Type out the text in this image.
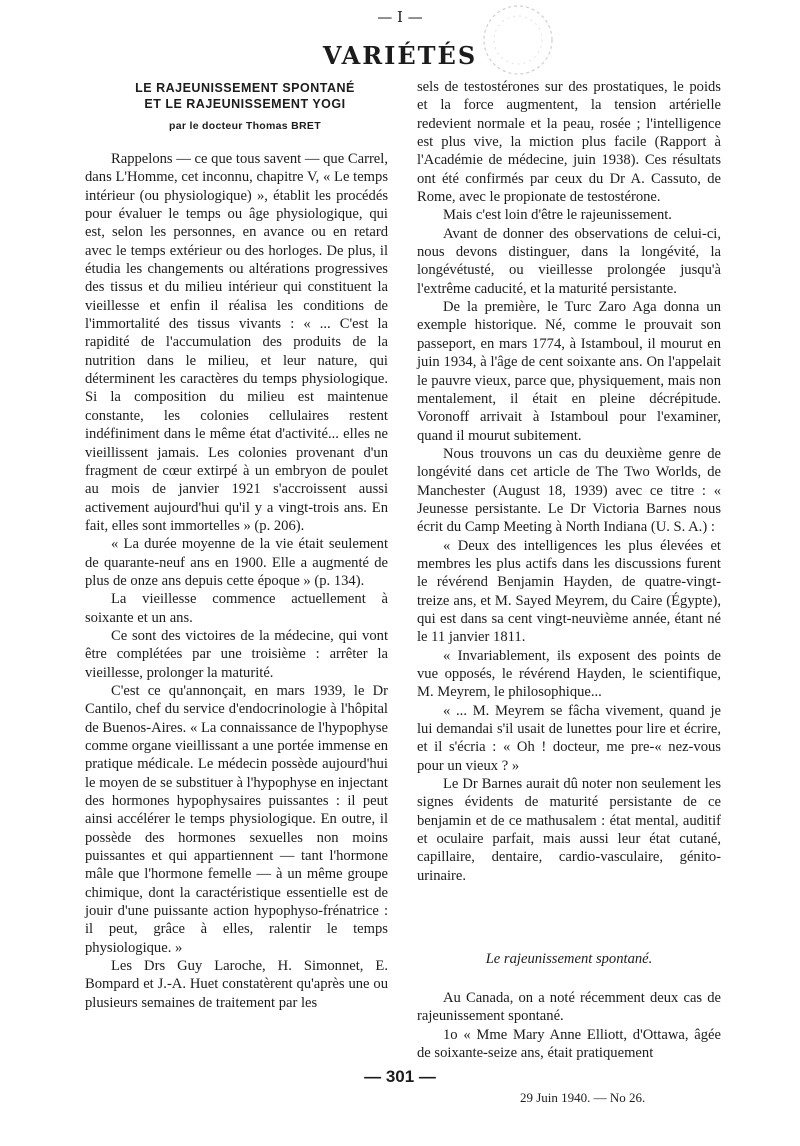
— I —
VARIÉTÉS
LE RAJEUNISSEMENT SPONTANÉ
ET LE RAJEUNISSEMENT YOGI
par le docteur Thomas BRET

Rappelons — ce que tous savent — que Carrel, dans L'Homme, cet inconnu, chapitre V, « Le temps intérieur (ou physiologique) », établit les procédés pour évaluer le temps ou âge physiologique, qui est, selon les personnes, en avance ou en retard avec le temps extérieur ou des horloges. De plus, il étudia les changements ou altérations progressives des tissus et du milieu intérieur qui constituent la vieillesse et enfin il réalisa les conditions de l'immortalité des tissus vivants : « ... C'est la rapidité de l'accumulation des produits de la nutrition dans le milieu, et leur nature, qui déterminent les caractères du temps physiologique. Si la composition du milieu est maintenue constante, les colonies cellulaires restent indéfiniment dans le même état d'activité... elles ne vieillissent jamais. Les colonies provenant d'un fragment de cœur extirpé à un embryon de poulet au mois de janvier 1921 s'accroissent aussi activement aujourd'hui qu'il y a vingt-trois ans. En fait, elles sont immortelles » (p. 206).

« La durée moyenne de la vie était seulement de quarante-neuf ans en 1900. Elle a augmenté de plus de onze ans depuis cette époque » (p. 134).

La vieillesse commence actuellement à soixante et un ans.

Ce sont des victoires de la médecine, qui vont être complétées par une troisième : arrêter la vieillesse, prolonger la maturité.

C'est ce qu'annonçait, en mars 1939, le Dr Cantilo, chef du service d'endocrinologie à l'hôpital de Buenos-Aires. « La connaissance de l'hypophyse comme organe vieillissant a une portée immense en pratique médicale. Le médecin possède aujourd'hui le moyen de se substituer à l'hypophyse en injectant des hormones hypophysaires puissantes : il peut ainsi accélérer le temps physiologique. En outre, il possède des hormones sexuelles non moins puissantes et qui appartiennent — tant l'hormone mâle que l'hormone femelle — à un même groupe chimique, dont la caractéristique essentielle est de jouir d'une puissante action hypophyso-frénatrice : il peut, grâce à elles, ralentir le temps physiologique. »

Les Drs Guy Laroche, H. Simonnet, E. Bompard et J.-A. Huet constatèrent qu'après une ou plusieurs semaines de traitement par les

sels de testostérones sur des prostatiques, le poids et la force augmentent, la tension artérielle redevient normale et la peau, rosée ; l'intelligence est plus vive, la miction plus facile (Rapport à l'Académie de médecine, juin 1938). Ces résultats ont été confirmés par ceux du Dr A. Cassuto, de Rome, avec le propionate de testostérone.

Mais c'est loin d'être le rajeunissement.

Avant de donner des observations de celui-ci, nous devons distinguer, dans la longévité, la longévétusté, ou vieillesse prolongée jusqu'à l'extrême caducité, et la maturité persistante.

De la première, le Turc Zaro Aga donna un exemple historique. Né, comme le prouvait son passeport, en mars 1774, à Istamboul, il mourut en juin 1934, à l'âge de cent soixante ans. On l'appelait le pauvre vieux, parce que, physiquement, mais non mentalement, il était en pleine décrépitude. Voronoff arrivait à Istamboul pour l'examiner, quand il mourut subitement.

Nous trouvons un cas du deuxième genre de longévité dans cet article de The Two Worlds, de Manchester (August 18, 1939) avec ce titre : « Jeunesse persistante. Le Dr Victoria Barnes nous écrit du Camp Meeting à North Indiana (U. S. A.) :

« Deux des intelligences les plus élevées et membres les plus actifs dans les discussions furent le révérend Benjamin Hayden, de quatre-vingt-treize ans, et M. Sayed Meyrem, du Caire (Égypte), qui est dans sa cent vingt-neuvième année, étant né le 11 janvier 1811.

« Invariablement, ils exposent des points de vue opposés, le révérend Hayden, le scientifique, M. Meyrem, le philosophique...

« ... M. Meyrem se fâcha vivement, quand je lui demandai s'il usait de lunettes pour lire et écrire, et il s'écria : « Oh ! docteur, me pre-« nez-vous pour un vieux ? »

Le Dr Barnes aurait dû noter non seulement les signes évidents de maturité persistante de ce benjamin et de ce mathusalem : état mental, auditif et oculaire parfait, mais aussi leur état cutané, capillaire, dentaire, cardio-vasculaire, génito-urinaire.

Le rajeunissement spontané.

Au Canada, on a noté récemment deux cas de rajeunissement spontané.

1o « Mme Mary Anne Elliott, d'Ottawa, âgée de soixante-seize ans, était pratiquement

— 301 —
29 Juin 1940. — No 26.
